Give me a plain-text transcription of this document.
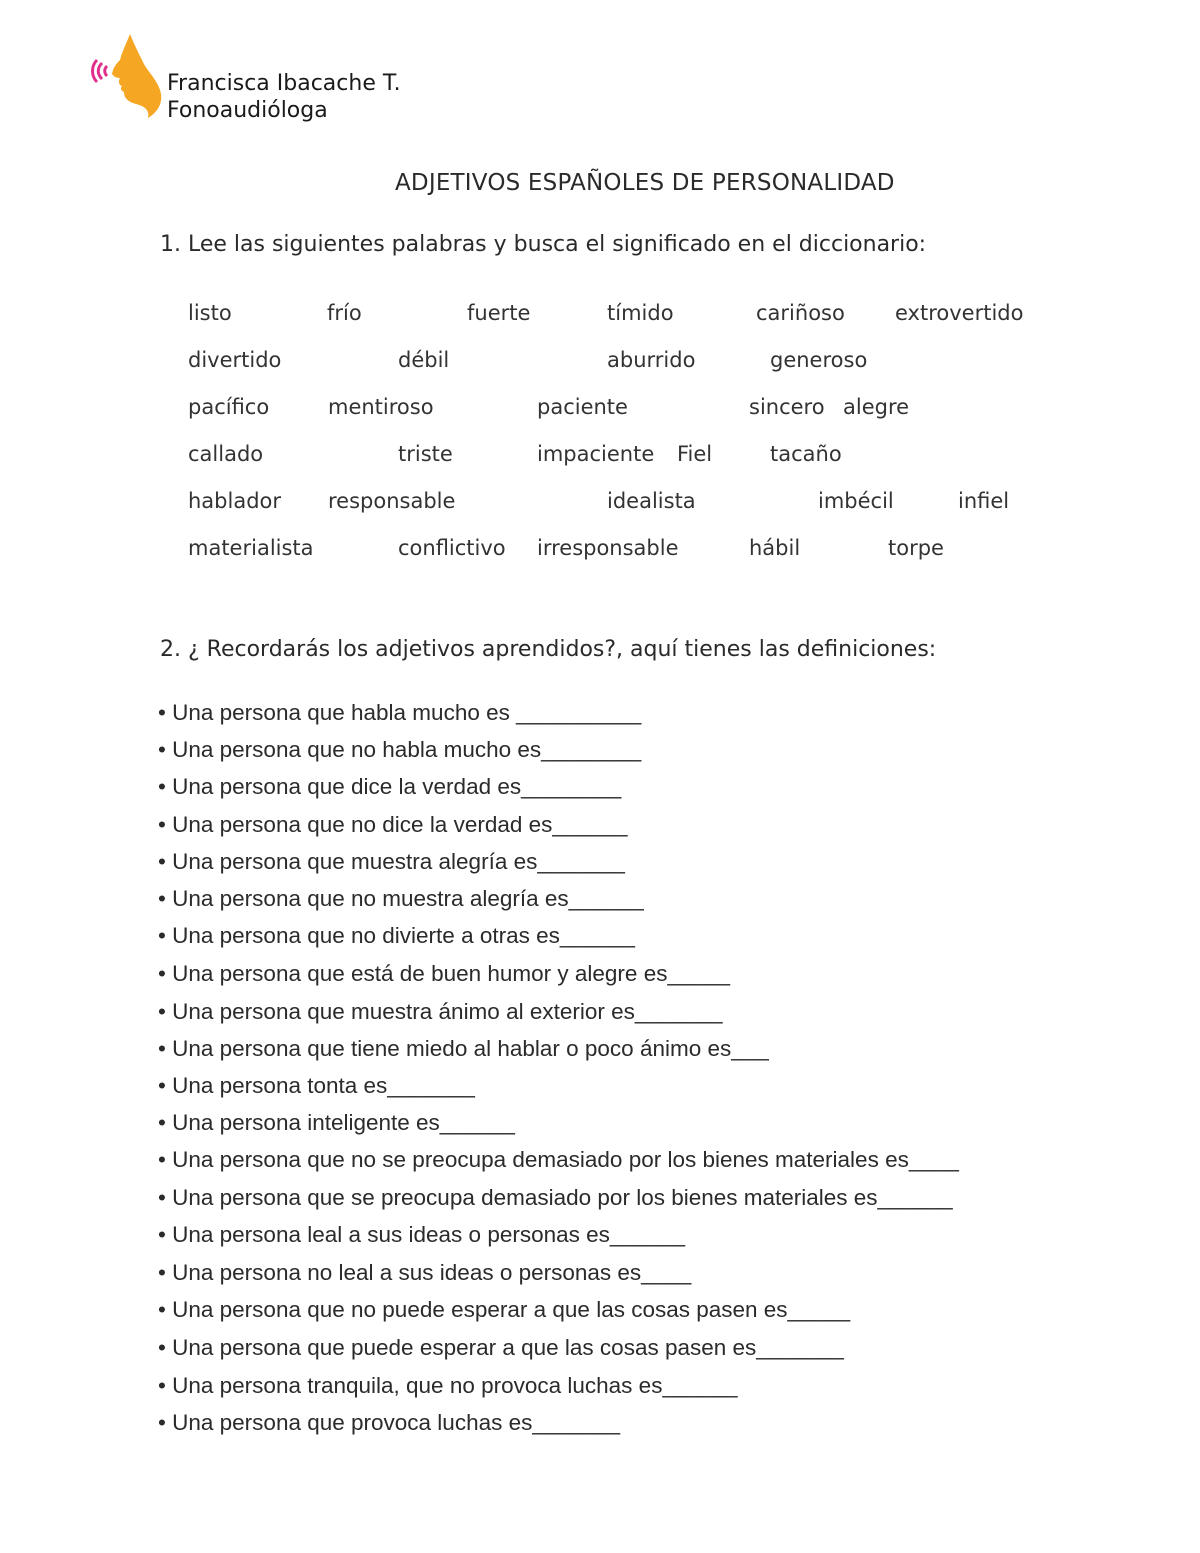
Francisca Ibacache T.
Fonoaudióloga
ADJETIVOS ESPAÑOLES DE PERSONALIDAD
1. Lee las siguientes palabras y busca el significado en el diccionario:
listo	frío	fuerte	tímido	cariñoso extrovertido
divertido	débil	aburrido	generoso
pacífico	mentiroso	paciente	sincero alegre
callado	triste	impaciente Fiel	tacaño
hablador responsable	idealista	imbécil	infiel
materialista	conflictivo irresponsable	hábil	torpe
2. ¿ Recordarás los adjetivos aprendidos?, aquí tienes las definiciones:
• Una persona que habla mucho es __________
• Una persona que no habla mucho es________
• Una persona que dice la verdad es________
• Una persona que no dice la verdad es______
• Una persona que muestra alegría es_______
• Una persona que no muestra alegría es______
• Una persona que no divierte a otras es______
• Una persona que está de buen humor y alegre es_____
• Una persona que muestra ánimo al exterior es_______
• Una persona que tiene miedo al hablar o poco ánimo es___
• Una persona tonta es_______
• Una persona inteligente es______
• Una persona que no se preocupa demasiado por los bienes materiales es____
• Una persona que se preocupa demasiado por los bienes materiales es______
• Una persona leal a sus ideas o personas es______
• Una persona no leal a sus ideas o personas es____
• Una persona que no puede esperar a que las cosas pasen es_____
• Una persona que puede esperar a que las cosas pasen es_______
• Una persona tranquila, que no provoca luchas es______
• Una persona que provoca luchas es_______
